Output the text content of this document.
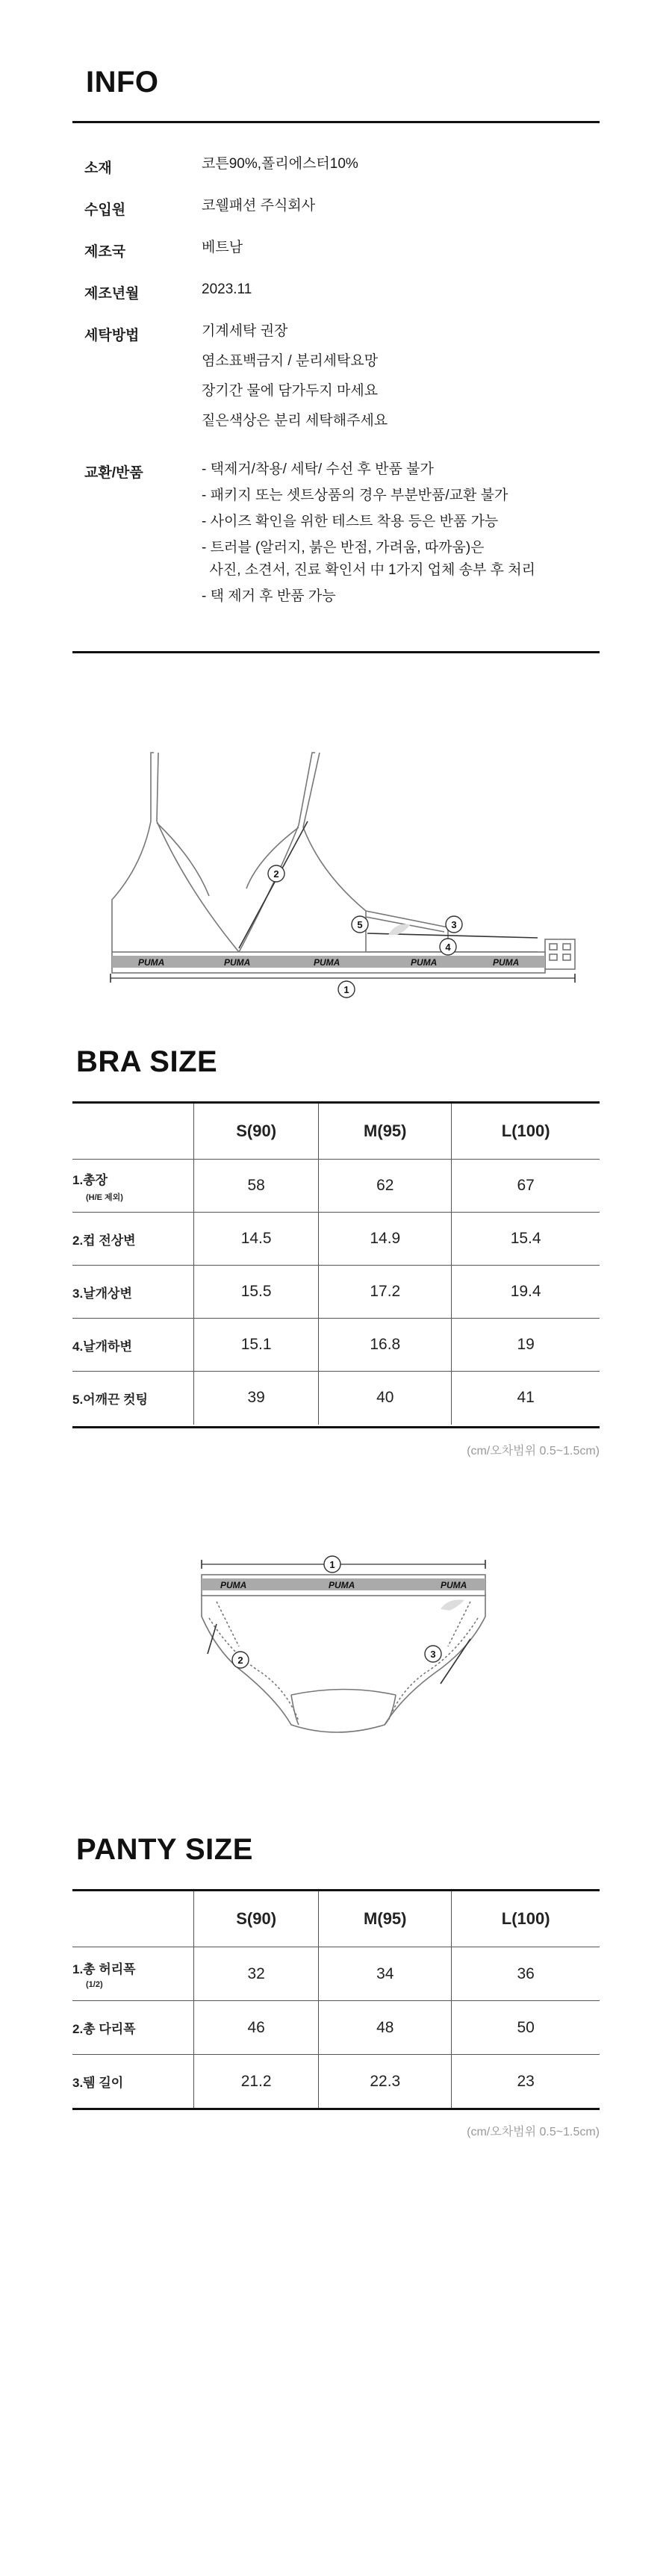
INFO
소재	코튼90%,폴리에스터10%
수입원	코웰패션 주식회사
제조국	베트남
제조년월	2023.11
세탁방법	기계세탁 권장
염소표백금지 / 분리세탁요망
장기간 물에 담가두지 마세요
짙은색상은 분리 세탁해주세요
교환/반품	- 택제거/착용/ 세탁/ 수선 후 반품 불가
- 패키지 또는 셋트상품의 경우 부분반품/교환 불가
- 사이즈 확인을 위한 테스트 착용 등은 반품 가능
- 트러블 (알러지, 붉은 반점, 가려움, 따까움)은
사진, 소견서, 진료 확인서 中 1가지 업체 송부 후 처리
- 택 제거 후 반품 가능
PUMA	PUMA	PUMA	PUMA	PUMA
1
2
3
4
5
BRA SIZE
	S(90)	M(95)	L(100)
1.총장
(H/E 제외)	58	62	67
2.컵 전상변	14.5	14.9	15.4
3.날개상변	15.5	17.2	19.4
4.날개하변	15.1	16.8	19
5.어깨끈 컷팅	39	40	41
(cm/오차범위 0.5~1.5cm)
PUMA	PUMA	PUMA
1
2
3
PANTY SIZE
	S(90)	M(95)	L(100)
1.총 허리폭
(1/2)	32	34	36
2.총 다리폭	46	48	50
3.뒘 길이	21.2	22.3	23
(cm/오차범위 0.5~1.5cm)
